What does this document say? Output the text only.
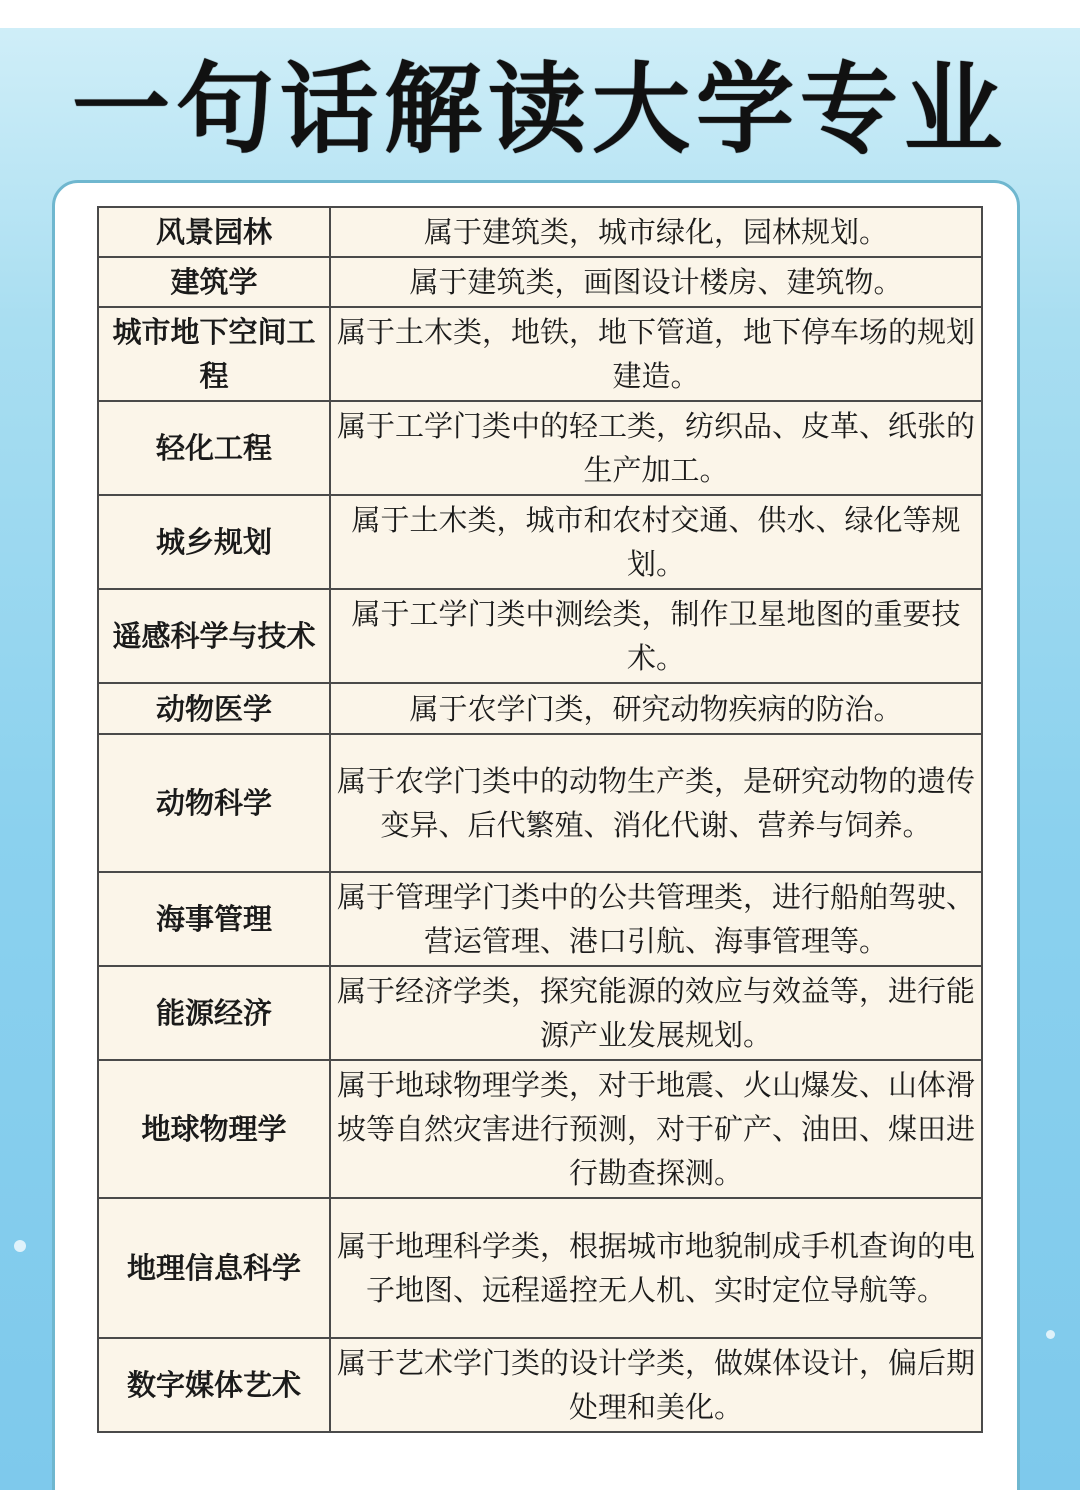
一句话解读大学专业
风景园林	属于建筑类，城市绿化，园林规划。
建筑学	属于建筑类，画图设计楼房、建筑物。
城市地下空间工程	属于土木类，地铁，地下管道，地下停车场的规划建造。
轻化工程	属于工学门类中的轻工类，纺织品、皮革、纸张的生产加工。
城乡规划	属于土木类，城市和农村交通、供水、绿化等规划。
遥感科学与技术	属于工学门类中测绘类，制作卫星地图的重要技术。
动物医学	属于农学门类，研究动物疾病的防治。
动物科学	属于农学门类中的动物生产类，是研究动物的遗传变异、后代繁殖、消化代谢、营养与饲养。
海事管理	属于管理学门类中的公共管理类，进行船舶驾驶、营运管理、港口引航、海事管理等。
能源经济	属于经济学类，探究能源的效应与效益等，进行能源产业发展规划。
地球物理学	属于地球物理学类，对于地震、火山爆发、山体滑坡等自然灾害进行预测，对于矿产、油田、煤田进行勘查探测。
地理信息科学	属于地理科学类，根据城市地貌制成手机查询的电子地图、远程遥控无人机、实时定位导航等。
数字媒体艺术	属于艺术学门类的设计学类，做媒体设计，偏后期处理和美化。
